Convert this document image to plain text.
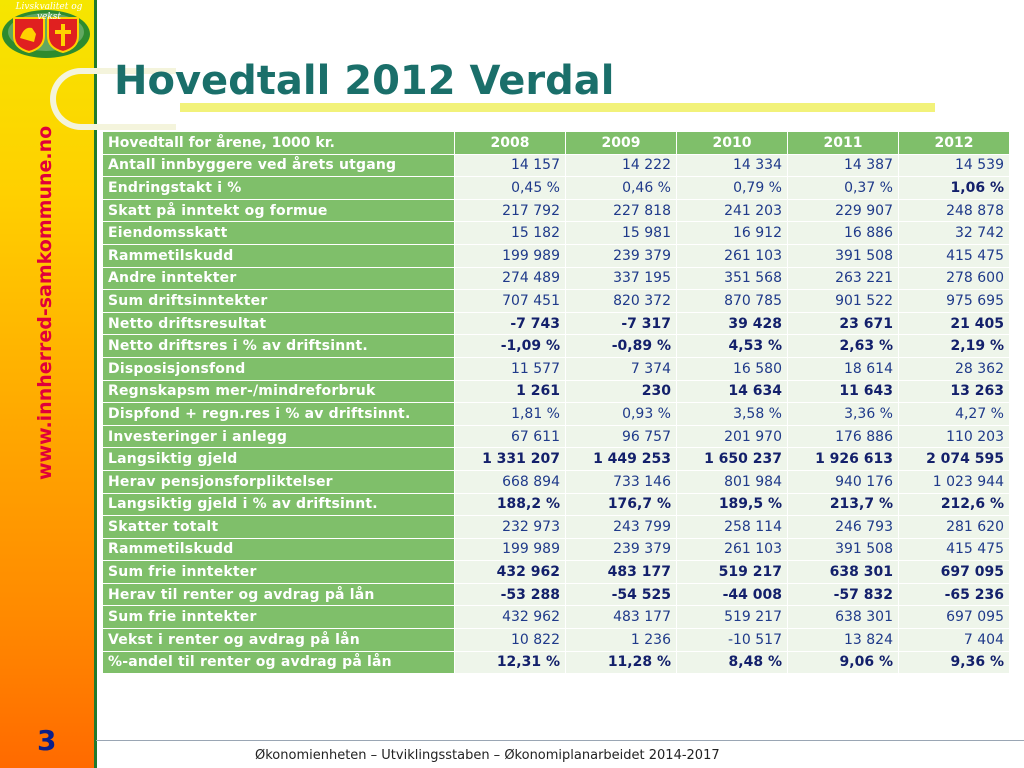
Livskvalitet og vekst
www.innherred-samkommune.no
Hovedtall 2012 Verdal
Hovedtall for årene, 1000 kr.	2008	2009	2010	2011	2012
Antall innbyggere ved årets utgang	14 157	14 222	14 334	14 387	14 539
Endringstakt i %	0,45 %	0,46 %	0,79 %	0,37 %	1,06 %
Skatt på inntekt og formue	217 792	227 818	241 203	229 907	248 878
Eiendomsskatt	15 182	15 981	16 912	16 886	32 742
Rammetilskudd	199 989	239 379	261 103	391 508	415 475
Andre inntekter	274 489	337 195	351 568	263 221	278 600
Sum driftsinntekter	707 451	820 372	870 785	901 522	975 695
Netto driftsresultat	-7 743	-7 317	39 428	23 671	21 405
Netto driftsres i % av driftsinnt.	-1,09 %	-0,89 %	4,53 %	2,63 %	2,19 %
Disposisjonsfond	11 577	7 374	16 580	18 614	28 362
Regnskapsm mer-/mindreforbruk	1 261	230	14 634	11 643	13 263
Dispfond + regn.res i % av driftsinnt.	1,81 %	0,93 %	3,58 %	3,36 %	4,27 %
Investeringer i anlegg	67 611	96 757	201 970	176 886	110 203
Langsiktig gjeld	1 331 207	1 449 253	1 650 237	1 926 613	2 074 595
Herav pensjonsforpliktelser	668 894	733 146	801 984	940 176	1 023 944
Langsiktig gjeld i % av driftsinnt.	188,2 %	176,7 %	189,5 %	213,7 %	212,6 %
Skatter totalt	232 973	243 799	258 114	246 793	281 620
Rammetilskudd	199 989	239 379	261 103	391 508	415 475
Sum frie inntekter	432 962	483 177	519 217	638 301	697 095
Herav til renter og avdrag på lån	-53 288	-54 525	-44 008	-57 832	-65 236
Sum frie inntekter	432 962	483 177	519 217	638 301	697 095
Vekst i renter og avdrag på lån	10 822	1 236	-10 517	13 824	7 404
%-andel til renter og avdrag på lån	12,31 %	11,28 %	8,48 %	9,06 %	9,36 %
3	Økonomienheten – Utviklingsstaben – Økonomiplanarbeidet 2014-2017
